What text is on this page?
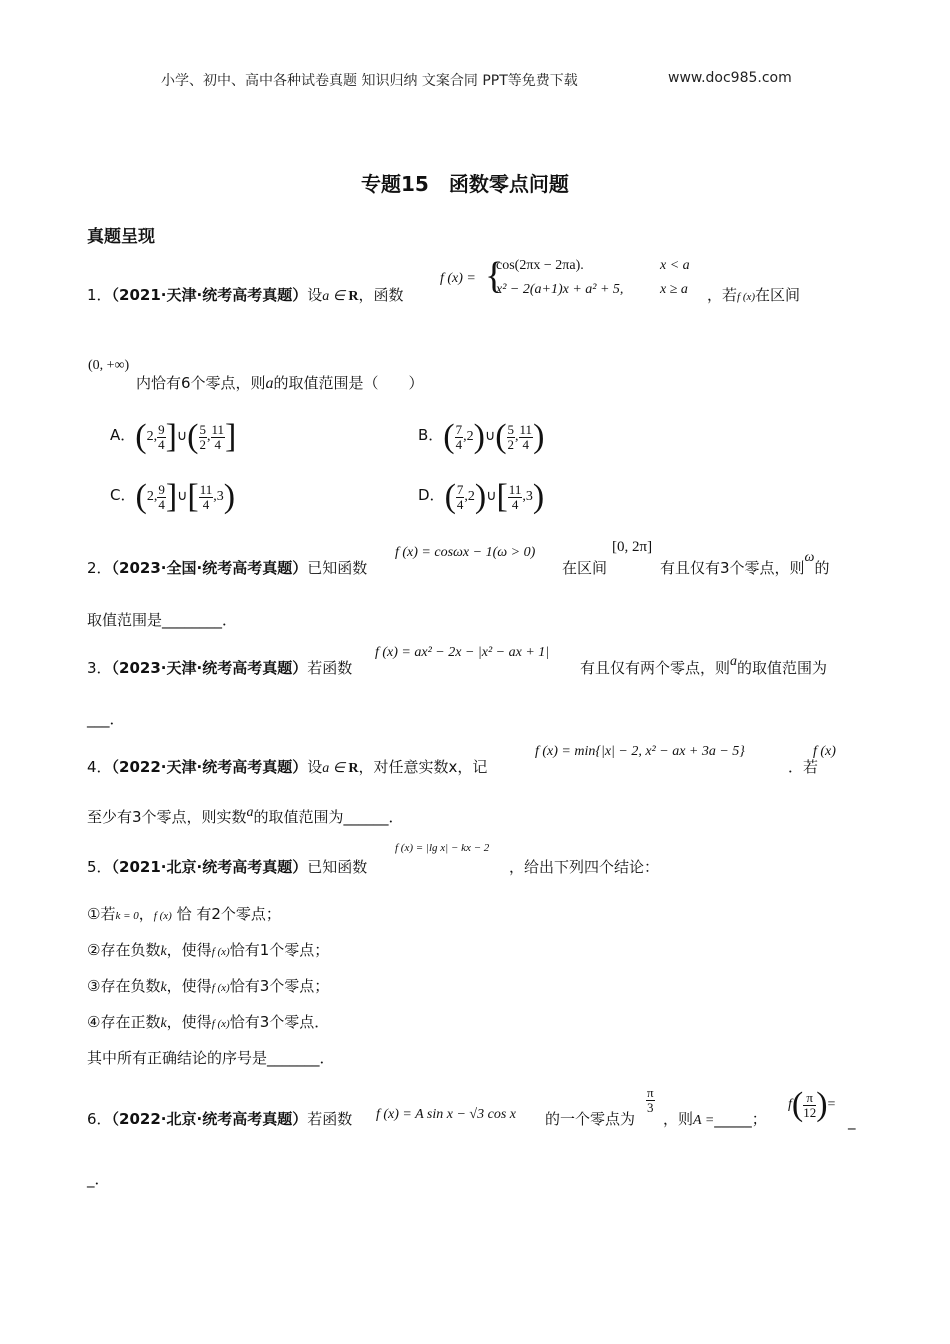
小学、初中、高中各种试卷真题 知识归纳 文案合同 PPT等免费下载	www.doc985.com
专题15　函数零点问题
真题呈现
1．（2021·天津·统考高考真题）设a ∈ R，函数
f (x) = {
cos(2πx − 2πa).	x < a
x² − 2(a+1)x + a² + 5,	x ≥ a ，若f (x)在区间
(0, +∞)
内恰有6个零点，则a的取值范围是（　　）
A．(2, $\frac{9}{4}$ ]∪( $\frac{5}{2}$ , $\frac{11}{4}$ ]	B．( $\frac{7}{4}$ ,2)∪( $\frac{5}{2}$ , $\frac{11}{4}$ )
C．(2, $\frac{9}{4}$ ]∪[ $\frac{11}{4} ,3$)	D．( $\frac{7}{4}$ ,2)∪[ $\frac{11}{4} ,3$)
2．（2023·全国·统考高考真题）已知函数
f (x) = cosωx − 1(ω > 0)
在区间
[0, 2π]
有且仅有3个零点，则ω的
取值范围是________．
3．（2023·天津·统考高考真题）若函数
f (x) = ax² − 2x − |x² − ax + 1|
有且仅有两个零点，则a的取值范围为
___．
4．（2022·天津·统考高考真题）设a ∈ R，对任意实数x，记
f (x) = min{|x| − 2, x² − ax + 3a − 5}
．若
f (x)
至少有3个零点，则实数a的取值范围为______．
5．（2021·北京·统考高考真题）已知函数
f (x) = |lg x| − kx − 2
，给出下列四个结论：
①若k = 0，f (x) 恰 有2个零点；
②存在负数k，使得f (x)恰有1个零点；
③存在负数k，使得f (x)恰有3个零点；
④存在正数k，使得f (x)恰有3个零点．
其中所有正确结论的序号是_______．
6．（2022·北京·统考高考真题）若函数 f (x) = A sin x − √3 cos x 的一个零点为
$\frac{\pi}{3}$
，则A =_____；
$f( \frac{\pi}{12}$ )=
_
_．
